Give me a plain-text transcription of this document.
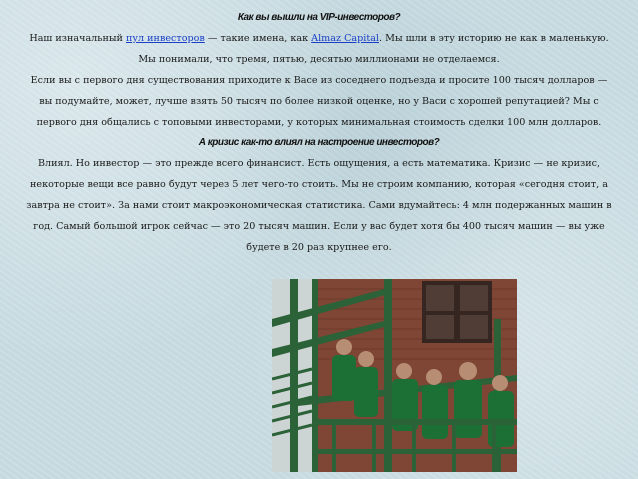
Как вы вышли на VIP-инвесторов?

Наш изначальный пул инвесторов — такие имена, как Almaz Capital. Мы шли в эту историю не как в маленькую. Мы понимали, что тремя, пятью, десятью миллионами не отделаемся.

Если вы с первого дня существования приходите к Васе из соседнего подъезда и просите 100 тысяч долларов — вы подумайте, может, лучше взять 50 тысяч по более низкой оценке, но у Васи с хорошей репутацией? Мы с первого дня общались с топовыми инвесторами, у которых минимальная стоимость сделки 100 млн долларов.

А кризис как-то влиял на настроение инвесторов?

Влиял. Но инвестор — это прежде всего финансист. Есть ощущения, а есть математика. Кризис — не кризис, некоторые вещи все равно будут через 5 лет чего-то стоить. Мы не строим компанию, которая «сегодня стоит, а завтра не стоит». За нами стоит макроэкономическая статистика. Сами вдумайтесь: 4 млн подержанных машин в год. Самый большой игрок сейчас — это 20 тысяч машин. Если у вас будет хотя бы 400 тысяч машин — вы уже будете в 20 раз крупнее его.
